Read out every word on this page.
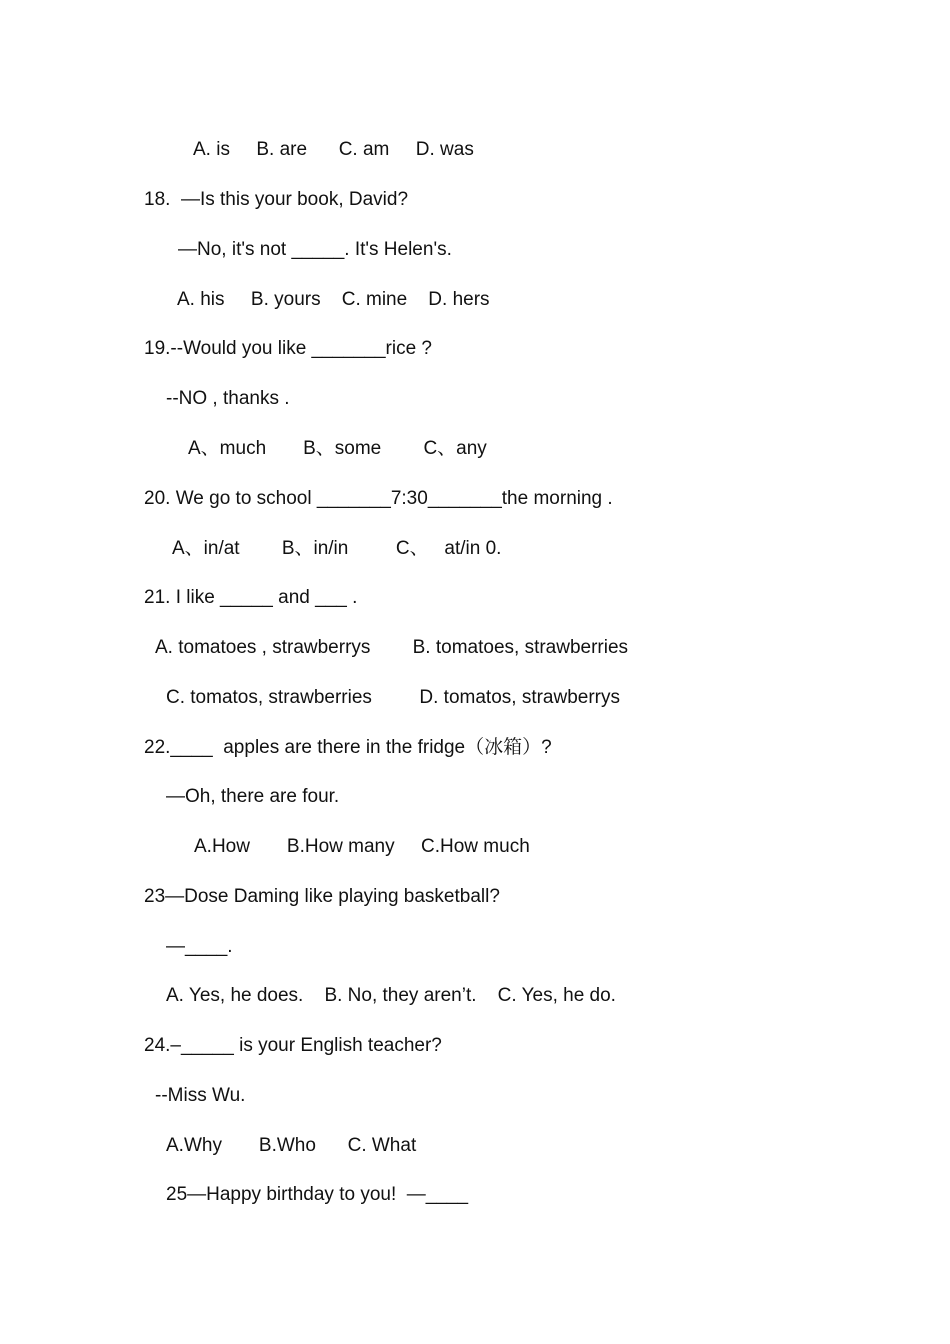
A. is     B. are      C. am     D. was
18.  —Is this your book, David?
—No, it's not _____. It's Helen's.
A. his     B. yours    C. mine    D. hers
19.--Would you like _______rice ?
--NO , thanks .
A、much       B、some        C、any
20. We go to school _______7:30_______the morning .
A、in/at        B、in/in         C、   at/in 0.
21. I like _____ and ___ .
A. tomatoes , strawberrys        B. tomatoes, strawberries
C. tomatos, strawberries         D. tomatos, strawberrys
22.____  apples are there in the fridge（冰箱）?
—Oh, there are four.
A.How       B.How many     C.How much
23—Dose Daming like playing basketball?
—____.
A. Yes, he does.    B. No, they aren’t.    C. Yes, he do.
24.–_____ is your English teacher?
--Miss Wu.
A.Why       B.Who      C. What
25—Happy birthday to you!  —____
